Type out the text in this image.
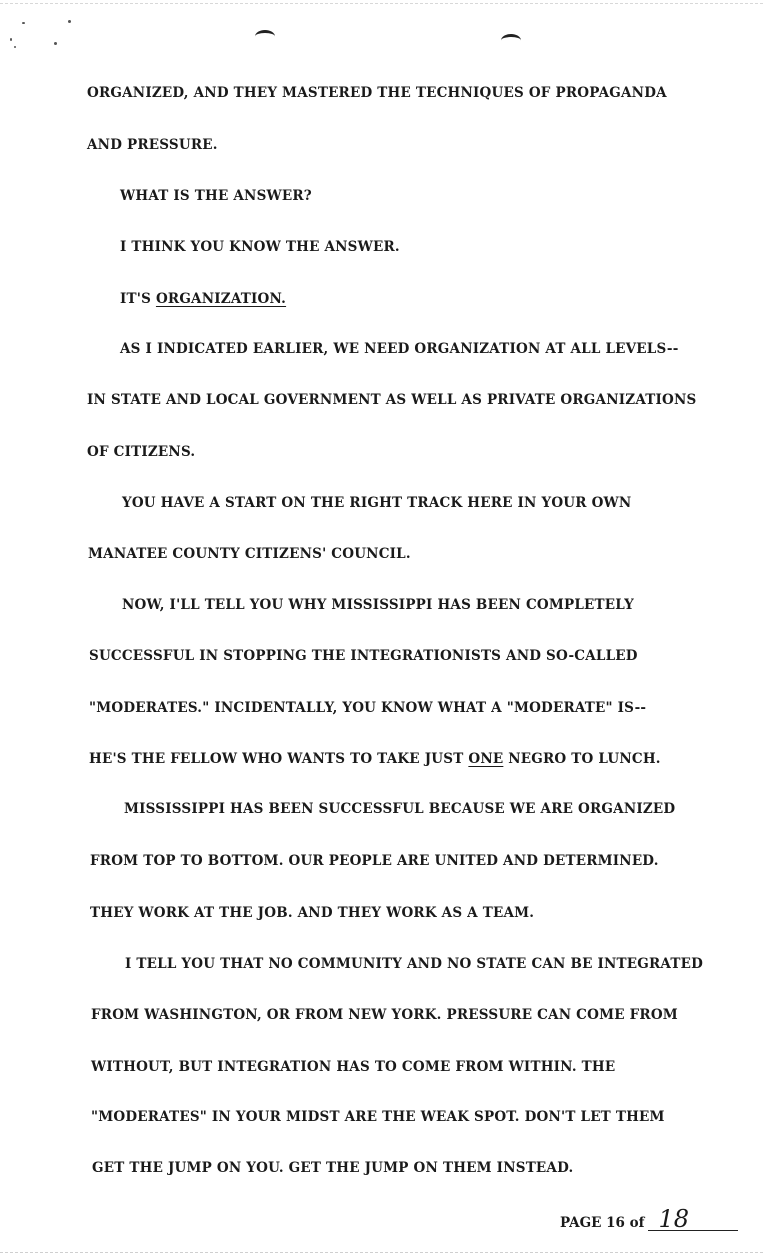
ORGANIZED, AND THEY MASTERED THE TECHNIQUES OF PROPAGANDA
AND PRESSURE.
WHAT IS THE ANSWER?
I THINK YOU KNOW THE ANSWER.
IT'S ORGANIZATION.
AS I INDICATED EARLIER, WE NEED ORGANIZATION AT ALL LEVELS--
IN STATE AND LOCAL GOVERNMENT AS WELL AS PRIVATE ORGANIZATIONS
OF CITIZENS.
YOU HAVE A START ON THE RIGHT TRACK HERE IN YOUR OWN
MANATEE COUNTY CITIZENS' COUNCIL.
NOW, I'LL TELL YOU WHY MISSISSIPPI HAS BEEN COMPLETELY
SUCCESSFUL IN STOPPING THE INTEGRATIONISTS AND SO-CALLED
"MODERATES." INCIDENTALLY, YOU KNOW WHAT A "MODERATE" IS--
HE'S THE FELLOW WHO WANTS TO TAKE JUST ONE NEGRO TO LUNCH.
MISSISSIPPI HAS BEEN SUCCESSFUL BECAUSE WE ARE ORGANIZED
FROM TOP TO BOTTOM. OUR PEOPLE ARE UNITED AND DETERMINED.
THEY WORK AT THE JOB. AND THEY WORK AS A TEAM.
I TELL YOU THAT NO COMMUNITY AND NO STATE CAN BE INTEGRATED
FROM WASHINGTON, OR FROM NEW YORK. PRESSURE CAN COME FROM
WITHOUT, BUT INTEGRATION HAS TO COME FROM WITHIN. THE
"MODERATES" IN YOUR MIDST ARE THE WEAK SPOT. DON'T LET THEM
GET THE JUMP ON YOU. GET THE JUMP ON THEM INSTEAD.
PAGE 16 of 18
